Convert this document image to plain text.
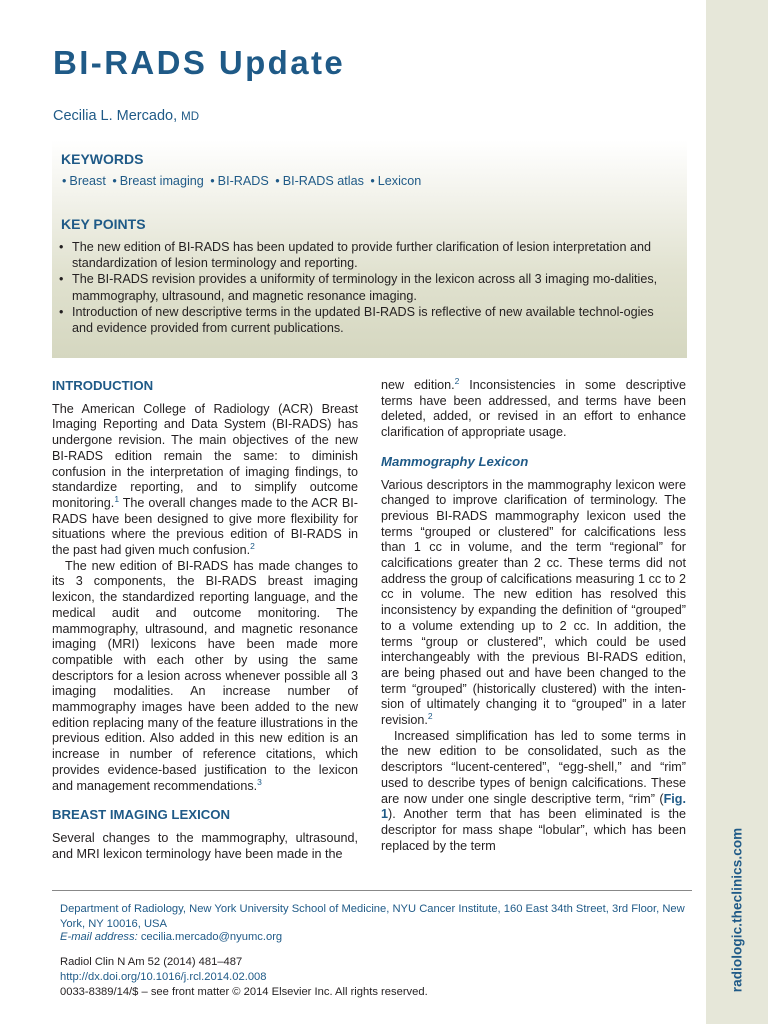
radiologic.theclinics.com
BI-RADS Update
Cecilia L. Mercado, MD
KEYWORDS
• Breast • Breast imaging • BI-RADS • BI-RADS atlas • Lexicon
KEY POINTS
• The new edition of BI-RADS has been updated to provide further clarification of lesion interpretation and standardization of lesion terminology and reporting.
• The BI-RADS revision provides a uniformity of terminology in the lexicon across all 3 imaging mo-dalities, mammography, ultrasound, and magnetic resonance imaging.
• Introduction of new descriptive terms in the updated BI-RADS is reflective of new available technol-ogies and evidence provided from current publications.
INTRODUCTION

The American College of Radiology (ACR) Breast Imaging Reporting and Data System (BI-RADS) has undergone revision. The main objectives of the new BI-RADS edition remain the same: to diminish confusion in the interpretation of imaging findings, to standardize reporting, and to simplify outcome monitoring.$^1$ The overall changes made to the ACR BI-RADS have been designed to give more flexibility for situations where the previous edition of BI-RADS in the past had given much confusion.$^2$

The new edition of BI-RADS has made changes to its 3 components, the BI-RADS breast imaging lexicon, the standardized reporting language, and the medical audit and outcome monitoring. The mammography, ultrasound, and magnetic resonance imaging (MRI) lexicons have been made more compatible with each other by using the same descriptors for a lesion across whenever possible all 3 imaging modalities. An increase number of mammography images have been added to the new edition replacing many of the feature illustrations in the previous edition. Also added in this new edition is an increase in number of reference citations, which provides evidence-based justification to the lexicon and management recommendations.$^3$

BREAST IMAGING LEXICON

Several changes to the mammography, ultrasound, and MRI lexicon terminology have been made in the

new edition.$^2$ Inconsistencies in some descriptive terms have been addressed, and terms have been deleted, added, or revised in an effort to enhance clarification of appropriate usage.

Mammography Lexicon

Various descriptors in the mammography lexicon were changed to improve clarification of terminology. The previous BI-RADS mammography lexicon used the terms “grouped or clustered” for calcifications less than 1 cc in volume, and the term “regional” for calcifications greater than 2 cc. These terms did not address the group of calcifications measuring 1 cc to 2 cc in volume. The new edition has resolved this inconsistency by expanding the definition of “grouped” to a volume extending up to 2 cc. In addition, the terms “group or clustered”, which could be used interchangeably with the previous BI-RADS edition, are being phased out and have been changed to the term “grouped” (historically clustered) with the intension of ultimately changing it to “grouped” in a later revision.$^2$

Increased simplification has led to some terms in the new edition to be consolidated, such as the descriptors “lucent-centered”, “egg-shell,” and “rim” used to describe types of benign calcifications. These are now under one single descriptive term, “rim” (Fig. 1). Another term that has been eliminated is the descriptor for mass shape “lobular”, which has been replaced by the term

Department of Radiology, New York University School of Medicine, NYU Cancer Institute, 160 East 34th Street, 3rd Floor, New York, NY 10016, USA
E-mail address: cecilia.mercado@nyumc.org
Radiol Clin N Am 52 (2014) 481–487
http://dx.doi.org/10.1016/j.rcl.2014.02.008
0033-8389/14/$ – see front matter © 2014 Elsevier Inc. All rights reserved.
